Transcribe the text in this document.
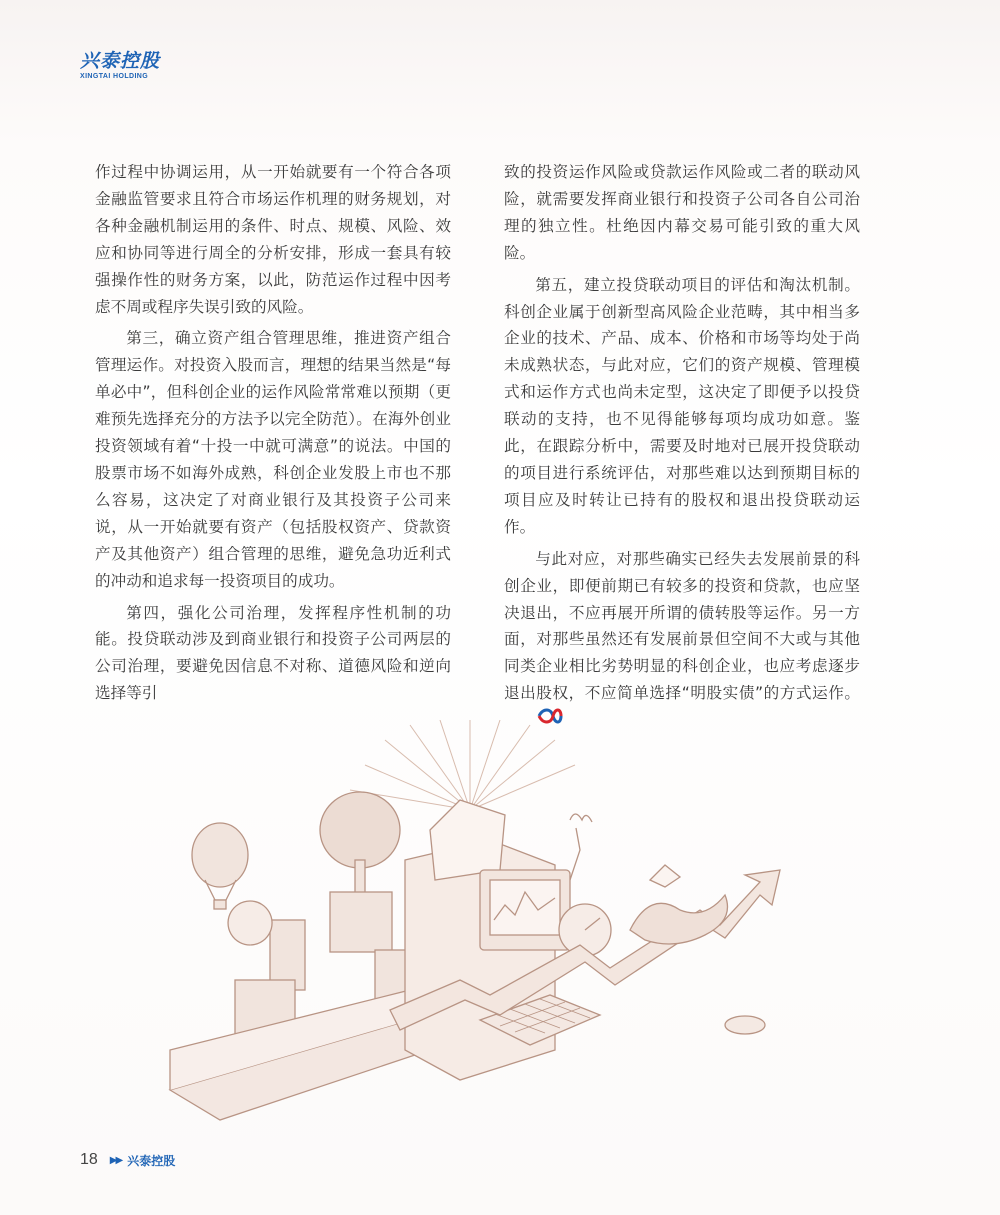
兴泰控股
XINGTAI HOLDING

作过程中协调运用，从一开始就要有一个符合各项金融监管要求且符合市场运作机理的财务规划，对各种金融机制运用的条件、时点、规模、风险、效应和协同等进行周全的分析安排，形成一套具有较强操作性的财务方案，以此，防范运作过程中因考虑不周或程序失误引致的风险。

第三，确立资产组合管理思维，推进资产组合管理运作。对投资入股而言，理想的结果当然是“每单必中”，但科创企业的运作风险常常难以预期（更难预先选择充分的方法予以完全防范）。在海外创业投资领域有着“十投一中就可满意”的说法。中国的股票市场不如海外成熟，科创企业发股上市也不那么容易，这决定了对商业银行及其投资子公司来说，从一开始就要有资产（包括股权资产、贷款资产及其他资产）组合管理的思维，避免急功近利式的冲动和追求每一投资项目的成功。

第四，强化公司治理，发挥程序性机制的功能。投贷联动涉及到商业银行和投资子公司两层的公司治理，要避免因信息不对称、道德风险和逆向选择等引

致的投资运作风险或贷款运作风险或二者的联动风险，就需要发挥商业银行和投资子公司各自公司治理的独立性。杜绝因内幕交易可能引致的重大风险。

第五，建立投贷联动项目的评估和淘汰机制。科创企业属于创新型高风险企业范畴，其中相当多企业的技术、产品、成本、价格和市场等均处于尚未成熟状态，与此对应，它们的资产规模、管理模式和运作方式也尚未定型，这决定了即便予以投贷联动的支持，也不见得能够每项均成功如意。鉴此，在跟踪分析中，需要及时地对已展开投贷联动的项目进行系统评估，对那些难以达到预期目标的项目应及时转让已持有的股权和退出投贷联动运作。

与此对应，对那些确实已经失去发展前景的科创企业，即便前期已有较多的投资和贷款，也应坚决退出，不应再展开所谓的债转股等运作。另一方面，对那些虽然还有发展前景但空间不大或与其他同类企业相比劣势明显的科创企业，也应考虑逐步退出股权，不应简单选择“明股实债”的方式运作。

18 ▶▶ 兴泰控股
